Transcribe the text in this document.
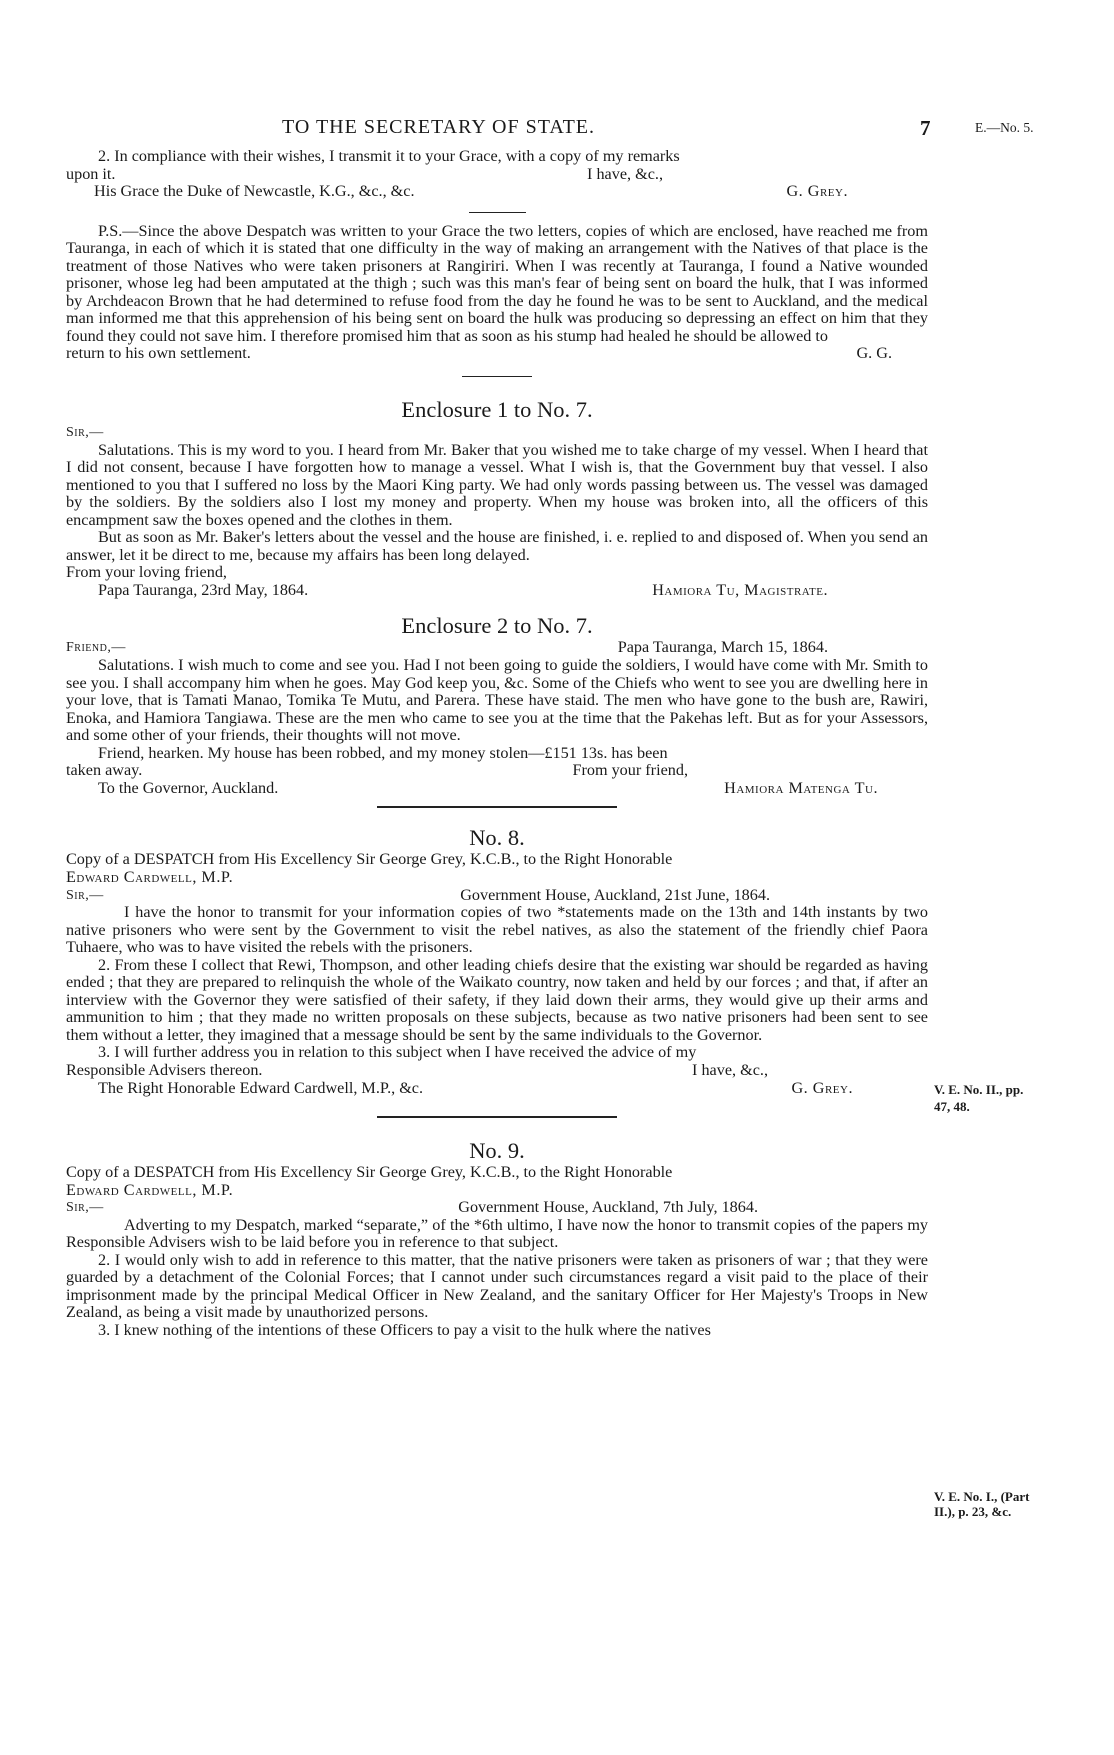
TO THE SECRETARY OF STATE.	7	E.—No. 5.

2. In compliance with their wishes, I transmit it to your Grace, with a copy of my remarks

upon it.	I have, &c.,
His Grace the Duke of Newcastle, K.G., &c., &c.	G. Grey.

P.S.—Since the above Despatch was written to your Grace the two letters, copies of which are enclosed, have reached me from Tauranga, in each of which it is stated that one difficulty in the way of making an arrangement with the Natives of that place is the treatment of those Natives who were taken prisoners at Rangiriri. When I was recently at Tauranga, I found a Native wounded prisoner, whose leg had been amputated at the thigh ; such was this man's fear of being sent on board the hulk, that I was informed by Archdeacon Brown that he had determined to refuse food from the day he found he was to be sent to Auckland, and the medical man informed me that this apprehension of his being sent on board the hulk was producing so depressing an effect on him that they found they could not save him. I therefore promised him that as soon as his stump had healed he should be allowed to

return to his own settlement.	G. G.
Enclosure 1 to No. 7.

Sir,—

Salutations. This is my word to you. I heard from Mr. Baker that you wished me to take charge of my vessel. When I heard that I did not consent, because I have forgotten how to manage a vessel. What I wish is, that the Government buy that vessel. I also mentioned to you that I suffered no loss by the Maori King party. We had only words passing between us. The vessel was damaged by the soldiers. By the soldiers also I lost my money and property. When my house was broken into, all the officers of this encampment saw the boxes opened and the clothes in them.

But as soon as Mr. Baker's letters about the vessel and the house are finished, i. e. replied to and disposed of. When you send an answer, let it be direct to me, because my affairs has been long delayed.

From your loving friend,

Papa Tauranga, 23rd May, 1864.	Hamiora Tu, Magistrate.
Enclosure 2 to No. 7.
Friend,—	Papa Tauranga, March 15, 1864.

Salutations. I wish much to come and see you. Had I not been going to guide the soldiers, I would have come with Mr. Smith to see you. I shall accompany him when he goes. May God keep you, &c. Some of the Chiefs who went to see you are dwelling here in your love, that is Tamati Manao, Tomika Te Mutu, and Parera. These have staid. The men who have gone to the bush are, Rawiri, Enoka, and Hamiora Tangiawa. These are the men who came to see you at the time that the Pakehas left. But as for your Assessors, and some other of your friends, their thoughts will not move.

Friend, hearken. My house has been robbed, and my money stolen—£151 13s. has been

taken away.	From your friend,
To the Governor, Auckland.	Hamiora Matenga Tu.
No. 8.

Copy of a DESPATCH from His Excellency Sir George Grey, K.C.B., to the Right Honorable

Edward Cardwell, M.P.

Sir,—	Government House, Auckland, 21st June, 1864.

I have the honor to transmit for your information copies of two *statements made on the 13th and 14th instants by two native prisoners who were sent by the Government to visit the rebel natives, as also the statement of the friendly chief Paora Tuhaere, who was to have visited the rebels with the prisoners.

2. From these I collect that Rewi, Thompson, and other leading chiefs desire that the existing war should be regarded as having ended ; that they are prepared to relinquish the whole of the Waikato country, now taken and held by our forces ; and that, if after an interview with the Governor they were satisfied of their safety, if they laid down their arms, they would give up their arms and ammunition to him ; that they made no written proposals on these subjects, because as two native prisoners had been sent to see them without a letter, they imagined that a message should be sent by the same individuals to the Governor.

3. I will further address you in relation to this subject when I have received the advice of my

Responsible Advisers thereon.	I have, &c.,
The Right Honorable Edward Cardwell, M.P., &c.	G. Grey.
No. 9.

Copy of a DESPATCH from His Excellency Sir George Grey, K.C.B., to the Right Honorable

Edward Cardwell, M.P.

Sir,—	Government House, Auckland, 7th July, 1864.

Adverting to my Despatch, marked “separate,” of the *6th ultimo, I have now the honor to transmit copies of the papers my Responsible Advisers wish to be laid before you in reference to that subject.

2. I would only wish to add in reference to this matter, that the native prisoners were taken as prisoners of war ; that they were guarded by a detachment of the Colonial Forces; that I cannot under such circumstances regard a visit paid to the place of their imprisonment made by the principal Medical Officer in New Zealand, and the sanitary Officer for Her Majesty's Troops in New Zealand, as being a visit made by unauthorized persons.

3. I knew nothing of the intentions of these Officers to pay a visit to the hulk where the natives

V. E. No. II., pp.
47, 48.
V. E. No. I., (Part
II.), p. 23, &c.
